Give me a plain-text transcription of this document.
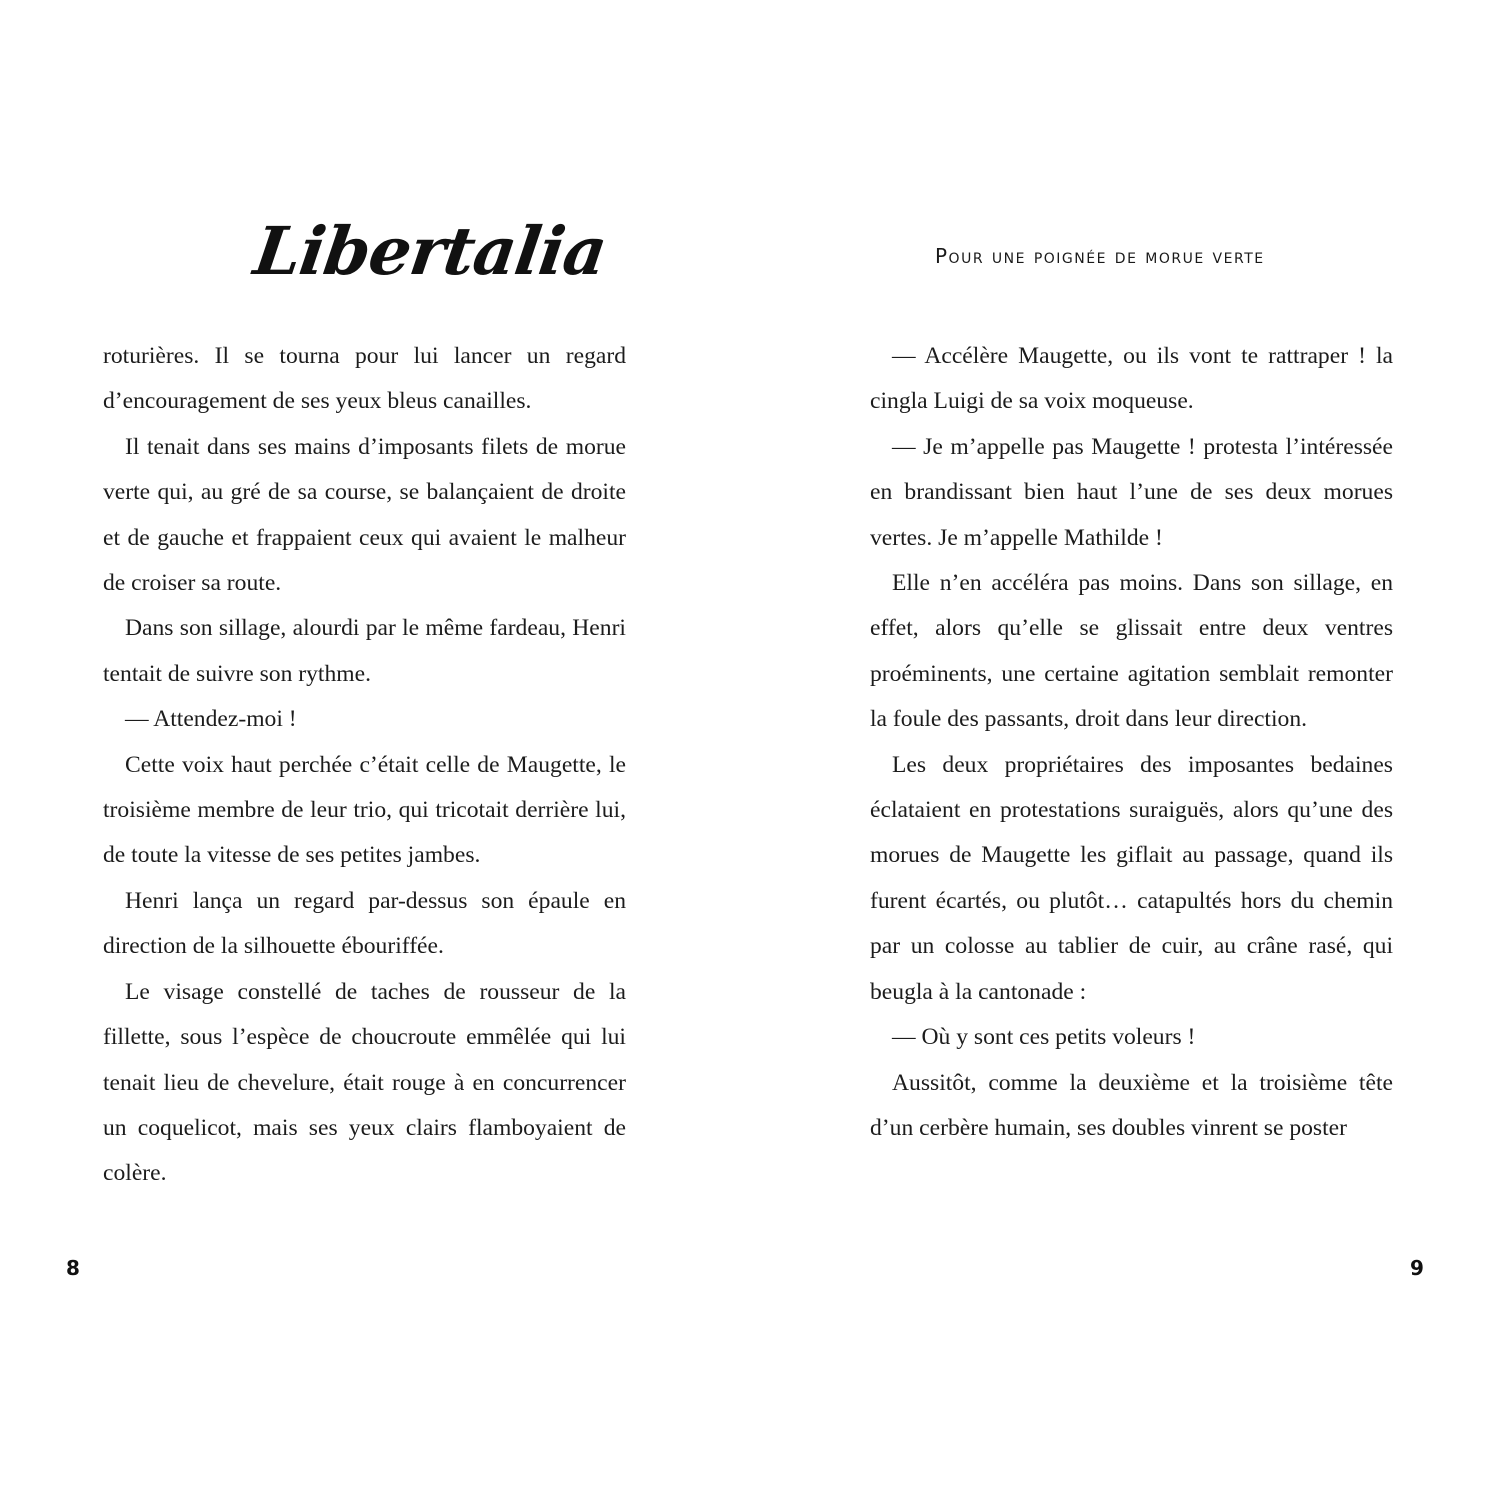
Libertalia

roturières. Il se tourna pour lui lancer un regard d’encouragement de ses yeux bleus canailles.

Il tenait dans ses mains d’imposants filets de morue verte qui, au gré de sa course, se balançaient de droite et de gauche et frappaient ceux qui avaient le malheur de croiser sa route.

Dans son sillage, alourdi par le même fardeau, Henri tentait de suivre son rythme.

— Attendez-moi !

Cette voix haut perchée c’était celle de Maugette, le troisième membre de leur trio, qui tricotait derrière lui, de toute la vitesse de ses petites jambes.

Henri lança un regard par-dessus son épaule en direction de la silhouette ébouriffée.

Le visage constellé de taches de rousseur de la fillette, sous l’espèce de choucroute emmêlée qui lui tenait lieu de chevelure, était rouge à en concurrencer un coquelicot, mais ses yeux clairs flamboyaient de colère.

8
Pour une poignée de morue verte

— Accélère Maugette, ou ils vont te rattraper ! la cingla Luigi de sa voix moqueuse.

— Je m’appelle pas Maugette ! protesta l’intéressée en brandissant bien haut l’une de ses deux morues vertes. Je m’appelle Mathilde !

Elle n’en accéléra pas moins. Dans son sillage, en effet, alors qu’elle se glissait entre deux ventres proéminents, une certaine agitation semblait remonter la foule des passants, droit dans leur direction.

Les deux propriétaires des imposantes bedaines éclataient en protestations suraiguës, alors qu’une des morues de Maugette les giflait au passage, quand ils furent écartés, ou plutôt… catapultés hors du chemin par un colosse au tablier de cuir, au crâne rasé, qui beugla à la cantonade :

— Où y sont ces petits voleurs !

Aussitôt, comme la deuxième et la troisième tête d’un cerbère humain, ses doubles vinrent se poster

9
